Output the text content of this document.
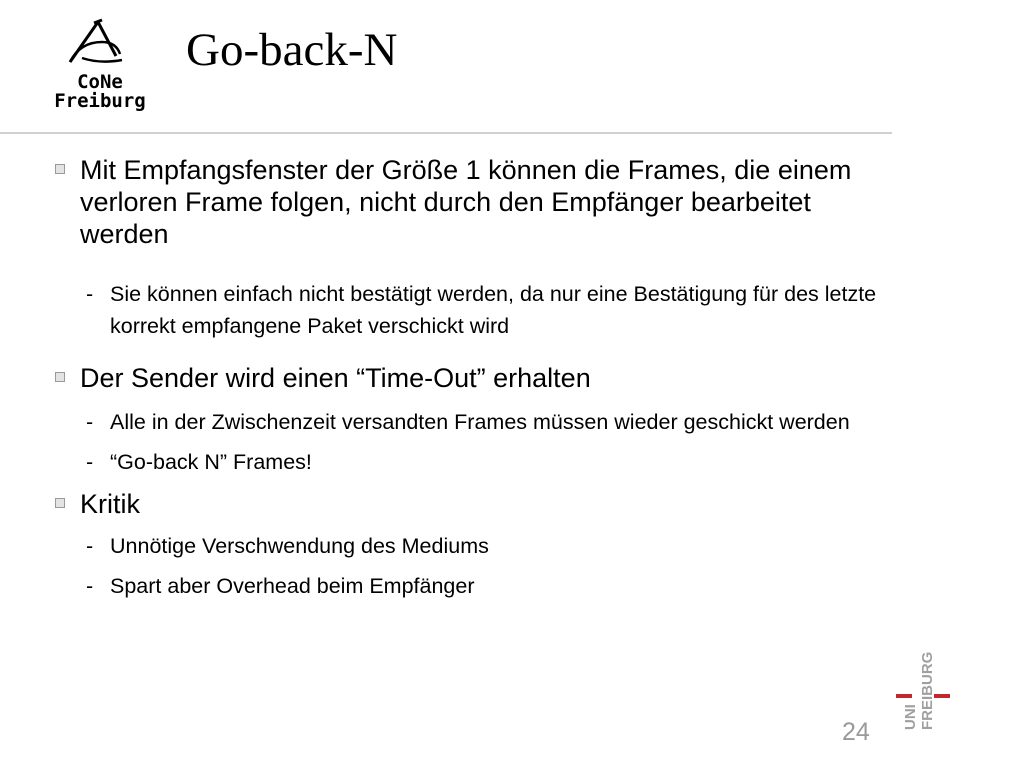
CoNe
Freiburg
Go-back-N
Mit Empfangsfenster der Größe 1 können die Frames, die einem verloren Frame folgen, nicht durch den Empfänger bearbeitet werden
- Sie können einfach nicht bestätigt werden, da nur eine Bestätigung für des letzte korrekt empfangene Paket verschickt wird
Der Sender wird einen “Time-Out” erhalten
- Alle in der Zwischenzeit versandten Frames müssen wieder geschickt werden
- “Go-back N” Frames!
Kritik
- Unnötige Verschwendung des Mediums
- Spart aber Overhead beim Empfänger
24
UNI FREIBURG
